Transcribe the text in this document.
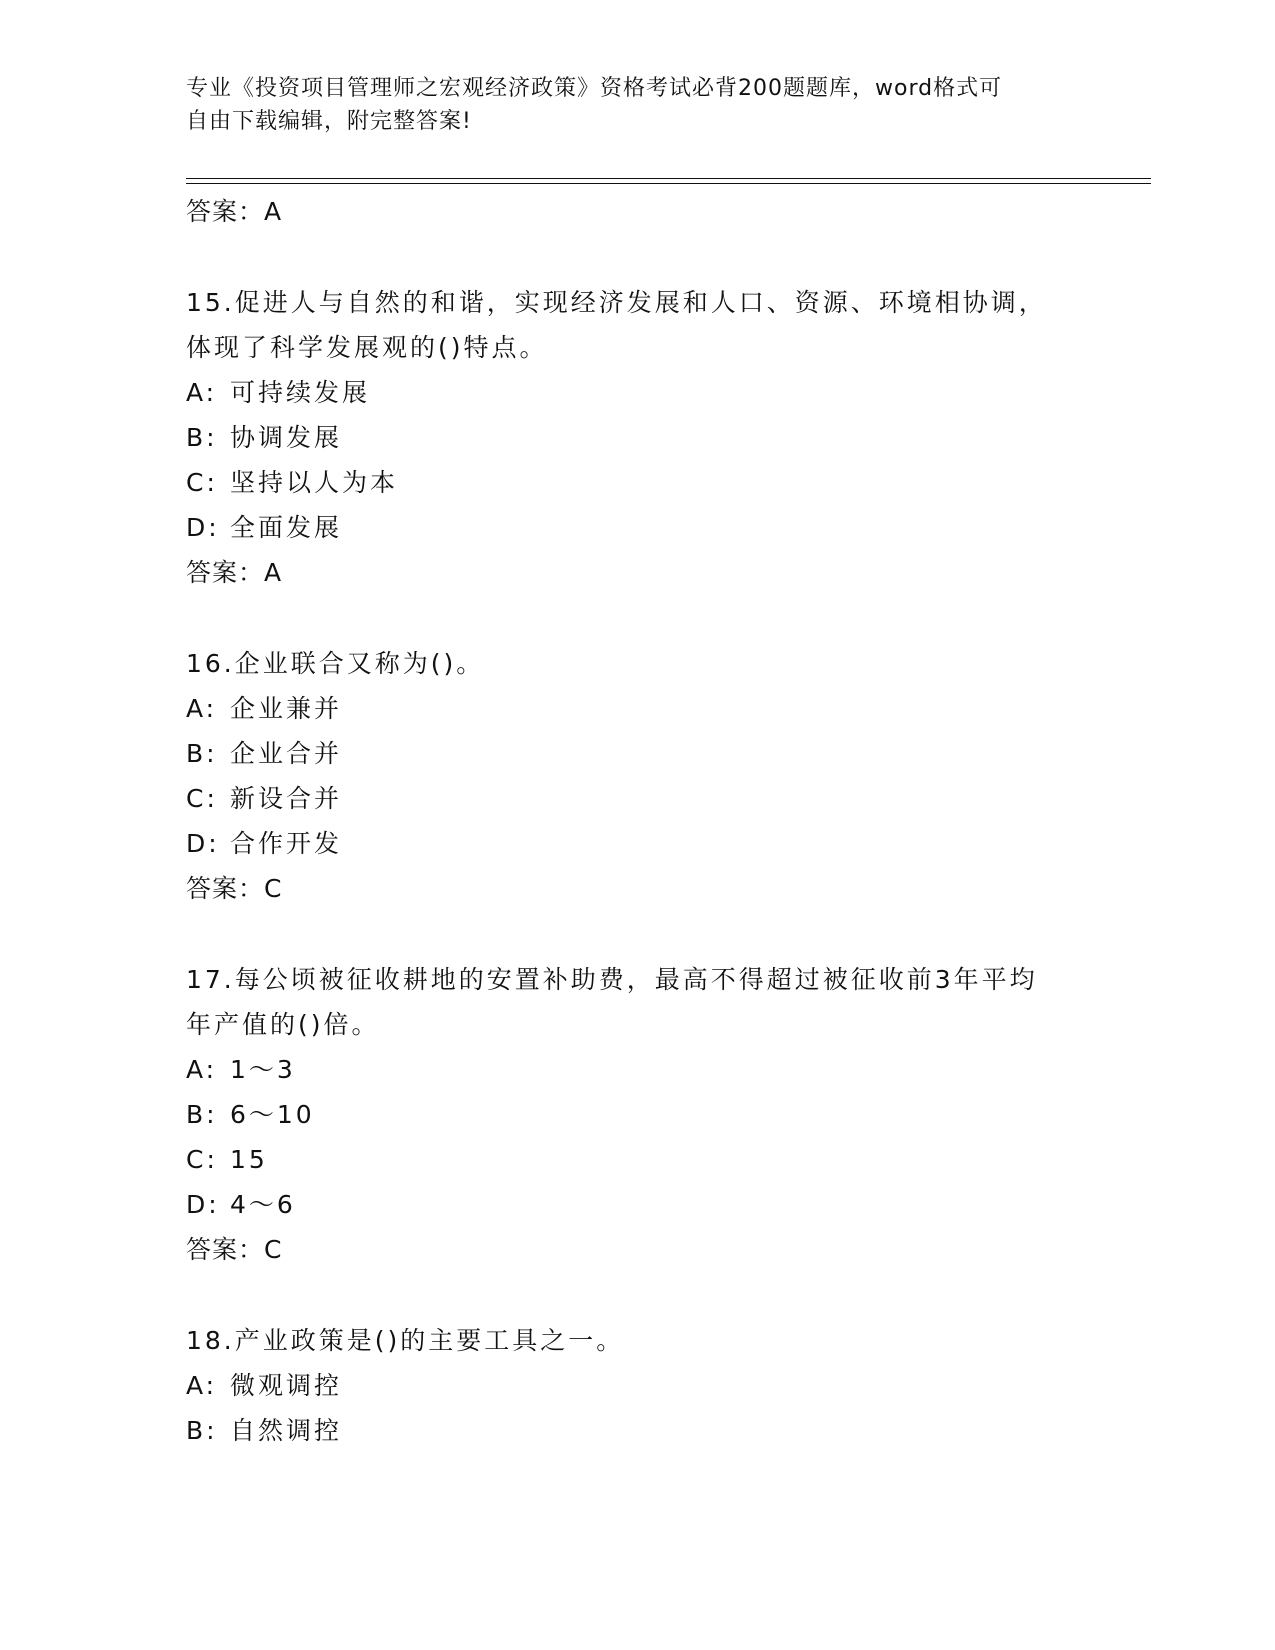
专业《投资项目管理师之宏观经济政策》资格考试必背200题题库，word格式可
自由下载编辑，附完整答案!
答案：A
15.促进人与自然的和谐，实现经济发展和人口、资源、环境相协调，
体现了科学发展观的()特点。
A: 可持续发展
B: 协调发展
C: 坚持以人为本
D: 全面发展
答案：A
16.企业联合又称为()。
A: 企业兼并
B: 企业合并
C: 新设合并
D: 合作开发
答案：C
17.每公顷被征收耕地的安置补助费，最高不得超过被征收前3年平均
年产值的()倍。
A: 1～3
B: 6～10
C: 15
D: 4～6
答案：C
18.产业政策是()的主要工具之一。
A: 微观调控
B: 自然调控
